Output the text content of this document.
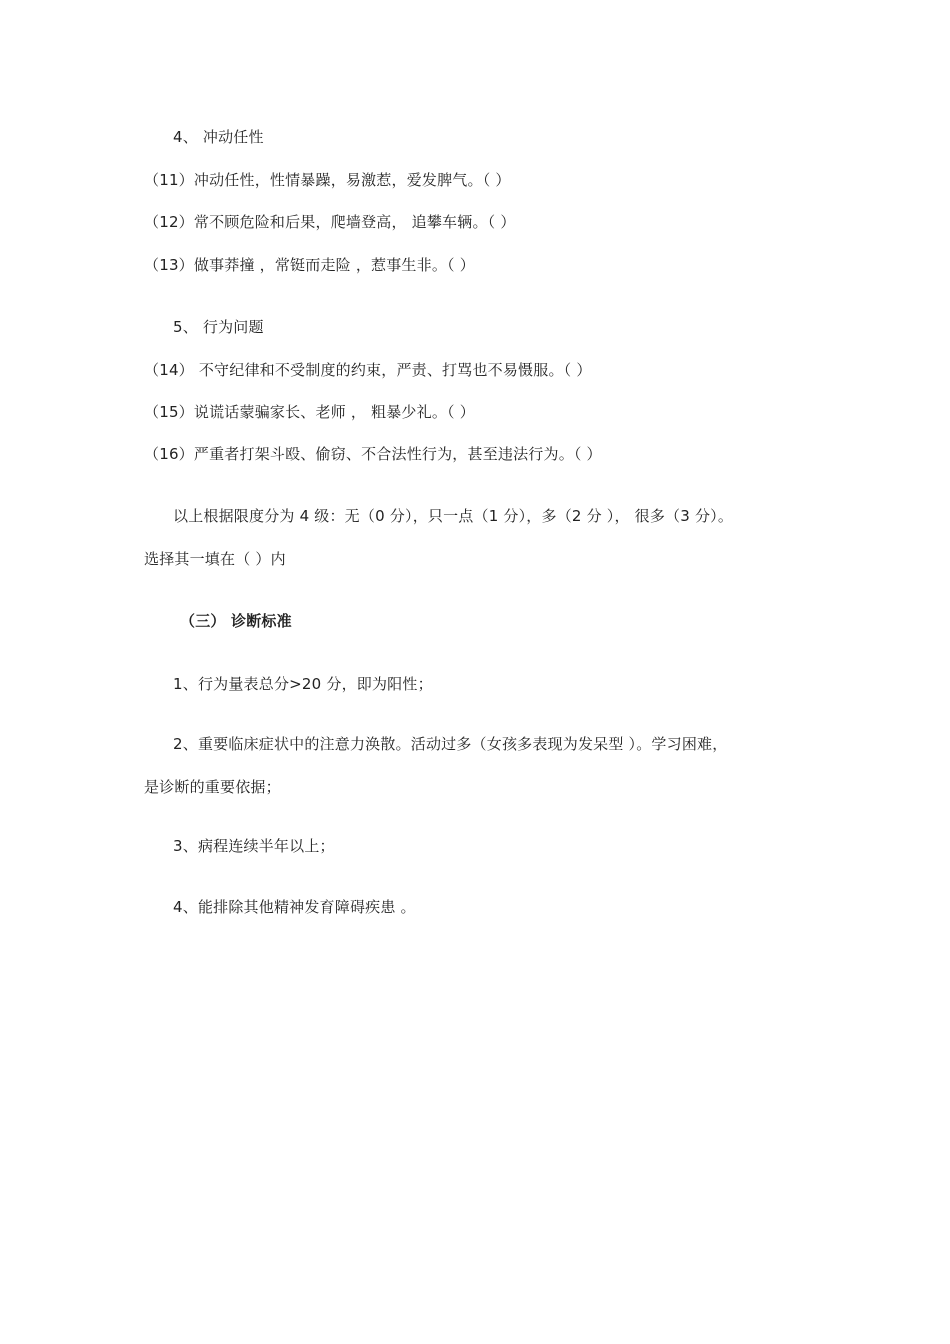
4、 冲动任性
（11）冲动任性，性情暴躁，易激惹，爱发脾气。（ ）
（12）常不顾危险和后果，爬墙登高， 追攀车辆。（ ）
（13）做事莽撞 ，常铤而走险 ，惹事生非。（ ）
5、 行为问题
（14） 不守纪律和不受制度的约束，严责、打骂也不易慑服。（ ）
（15）说谎话蒙骗家长、老师 ， 粗暴少礼。（ ）
（16）严重者打架斗殴、偷窃、不合法性行为，甚至违法行为。（ ）
以上根据限度分为 4 级：无（0 分），只一点（1 分），多（2 分 ）， 很多（3 分）。
选择其一填在（ ）内
（三） 诊断标准
1、行为量表总分>20 分，即为阳性；
2、重要临床症状中的注意力涣散。活动过多（女孩多表现为发呆型 ）。学习困难，
是诊断的重要依据；
3、病程连续半年以上；
4、能排除其他精神发育障碍疾患 。
